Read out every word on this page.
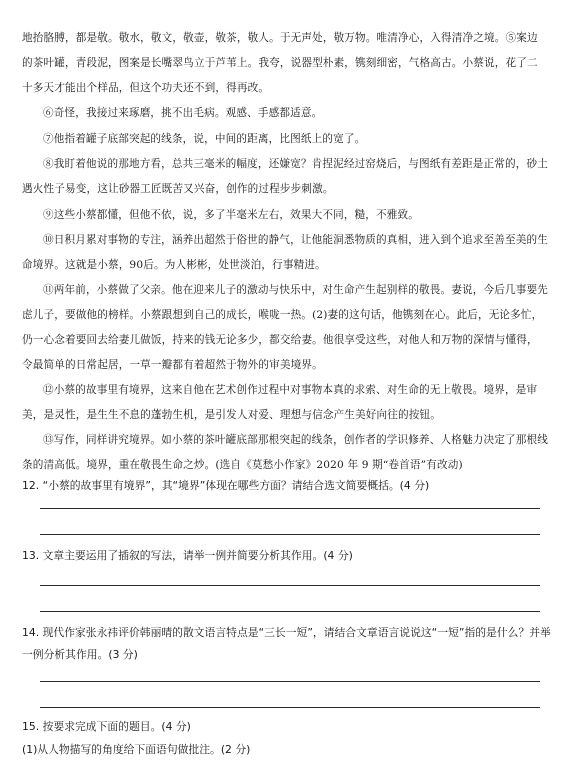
地抬胳膊，都是敬。敬水，敬文，敬壶，敬茶，敬人。于无声处，敬万物。唯清净心，入得清净之境。⑤案边的茶叶罐，青段泥，图案是长嘴翠鸟立于芦苇上。我夸，说器型朴素，镌刻细密，气格高古。小蔡说，花了二十多天才能出个样品，但这个功夫还不到，得再改。
⑥奇怪，我接过来琢磨，挑不出毛病。观感、手感都适意。
⑦他指着罐子底部突起的线条，说，中间的距离，比图纸上的宽了。
⑧我盯着他说的那地方看，总共三毫米的幅度，还嫌宽？肯捏泥经过窑烧后，与图纸有差距是正常的，砂土遇火性子易变，这让砂器工匠既苦又兴奋，创作的过程步步刺激。
⑨这些小蔡都懂，但他不依，说，多了半毫米左右，效果大不同，糙，不雅致。
⑩日积月累对事物的专注，涵养出超然于俗世的静气，让他能洞悉物质的真相，进入到个追求至善至美的生命境界。这就是小蔡，90后。为人彬彬，处世淡泊，行事精进。
⑪两年前，小蔡做了父亲。他在迎来儿子的激动与快乐中，对生命产生起别样的敬畏。妻说，今后几事要先虑儿子，要做他的榜样。小蔡跟想到自己的成长，喉咙一热。(2)妻的这句话，他镌刻在心。此后，无论多忙，仍一心念着要回去给妻儿做饭，持来的钱无论多少，都交给妻。他很享受这些，对他人和万物的深情与懂得，令最简单的日常起居，一草一瓣都有着超然于物外的审美境界。
⑫小蔡的故事里有境界，这来自他在艺术创作过程中对事物本真的求索、对生命的无上敬畏。境界，是审美，是灵性，是生生不息的蓬勃生机，是引发人对爱、理想与信念产生美好向往的按钮。
⑬写作，同样讲究境界。如小蔡的茶叶罐底部那根突起的线条，创作者的学识修养、人格魅力决定了那根线条的清高低。境界，重在敬畏生命之炒。(选自《莫愁小作家》2020 年 9 期“卷首语”有改动)
12. “小蔡的故事里有境界”，其“境界”体现在哪些方面？请结合选文简要概括。(4 分)
13. 文章主要运用了插叙的写法，请举一例并简要分析其作用。(4 分)
14. 现代作家张永祎评价韩丽晴的散文语言特点是“三长一短”，请结合文章语言说说这“一短”指的是什么？并举一例分析其作用。(3 分)
15. 按要求完成下面的题目。(4 分)
(1)从人物描写的角度给下面语句做批注。(2 分)
